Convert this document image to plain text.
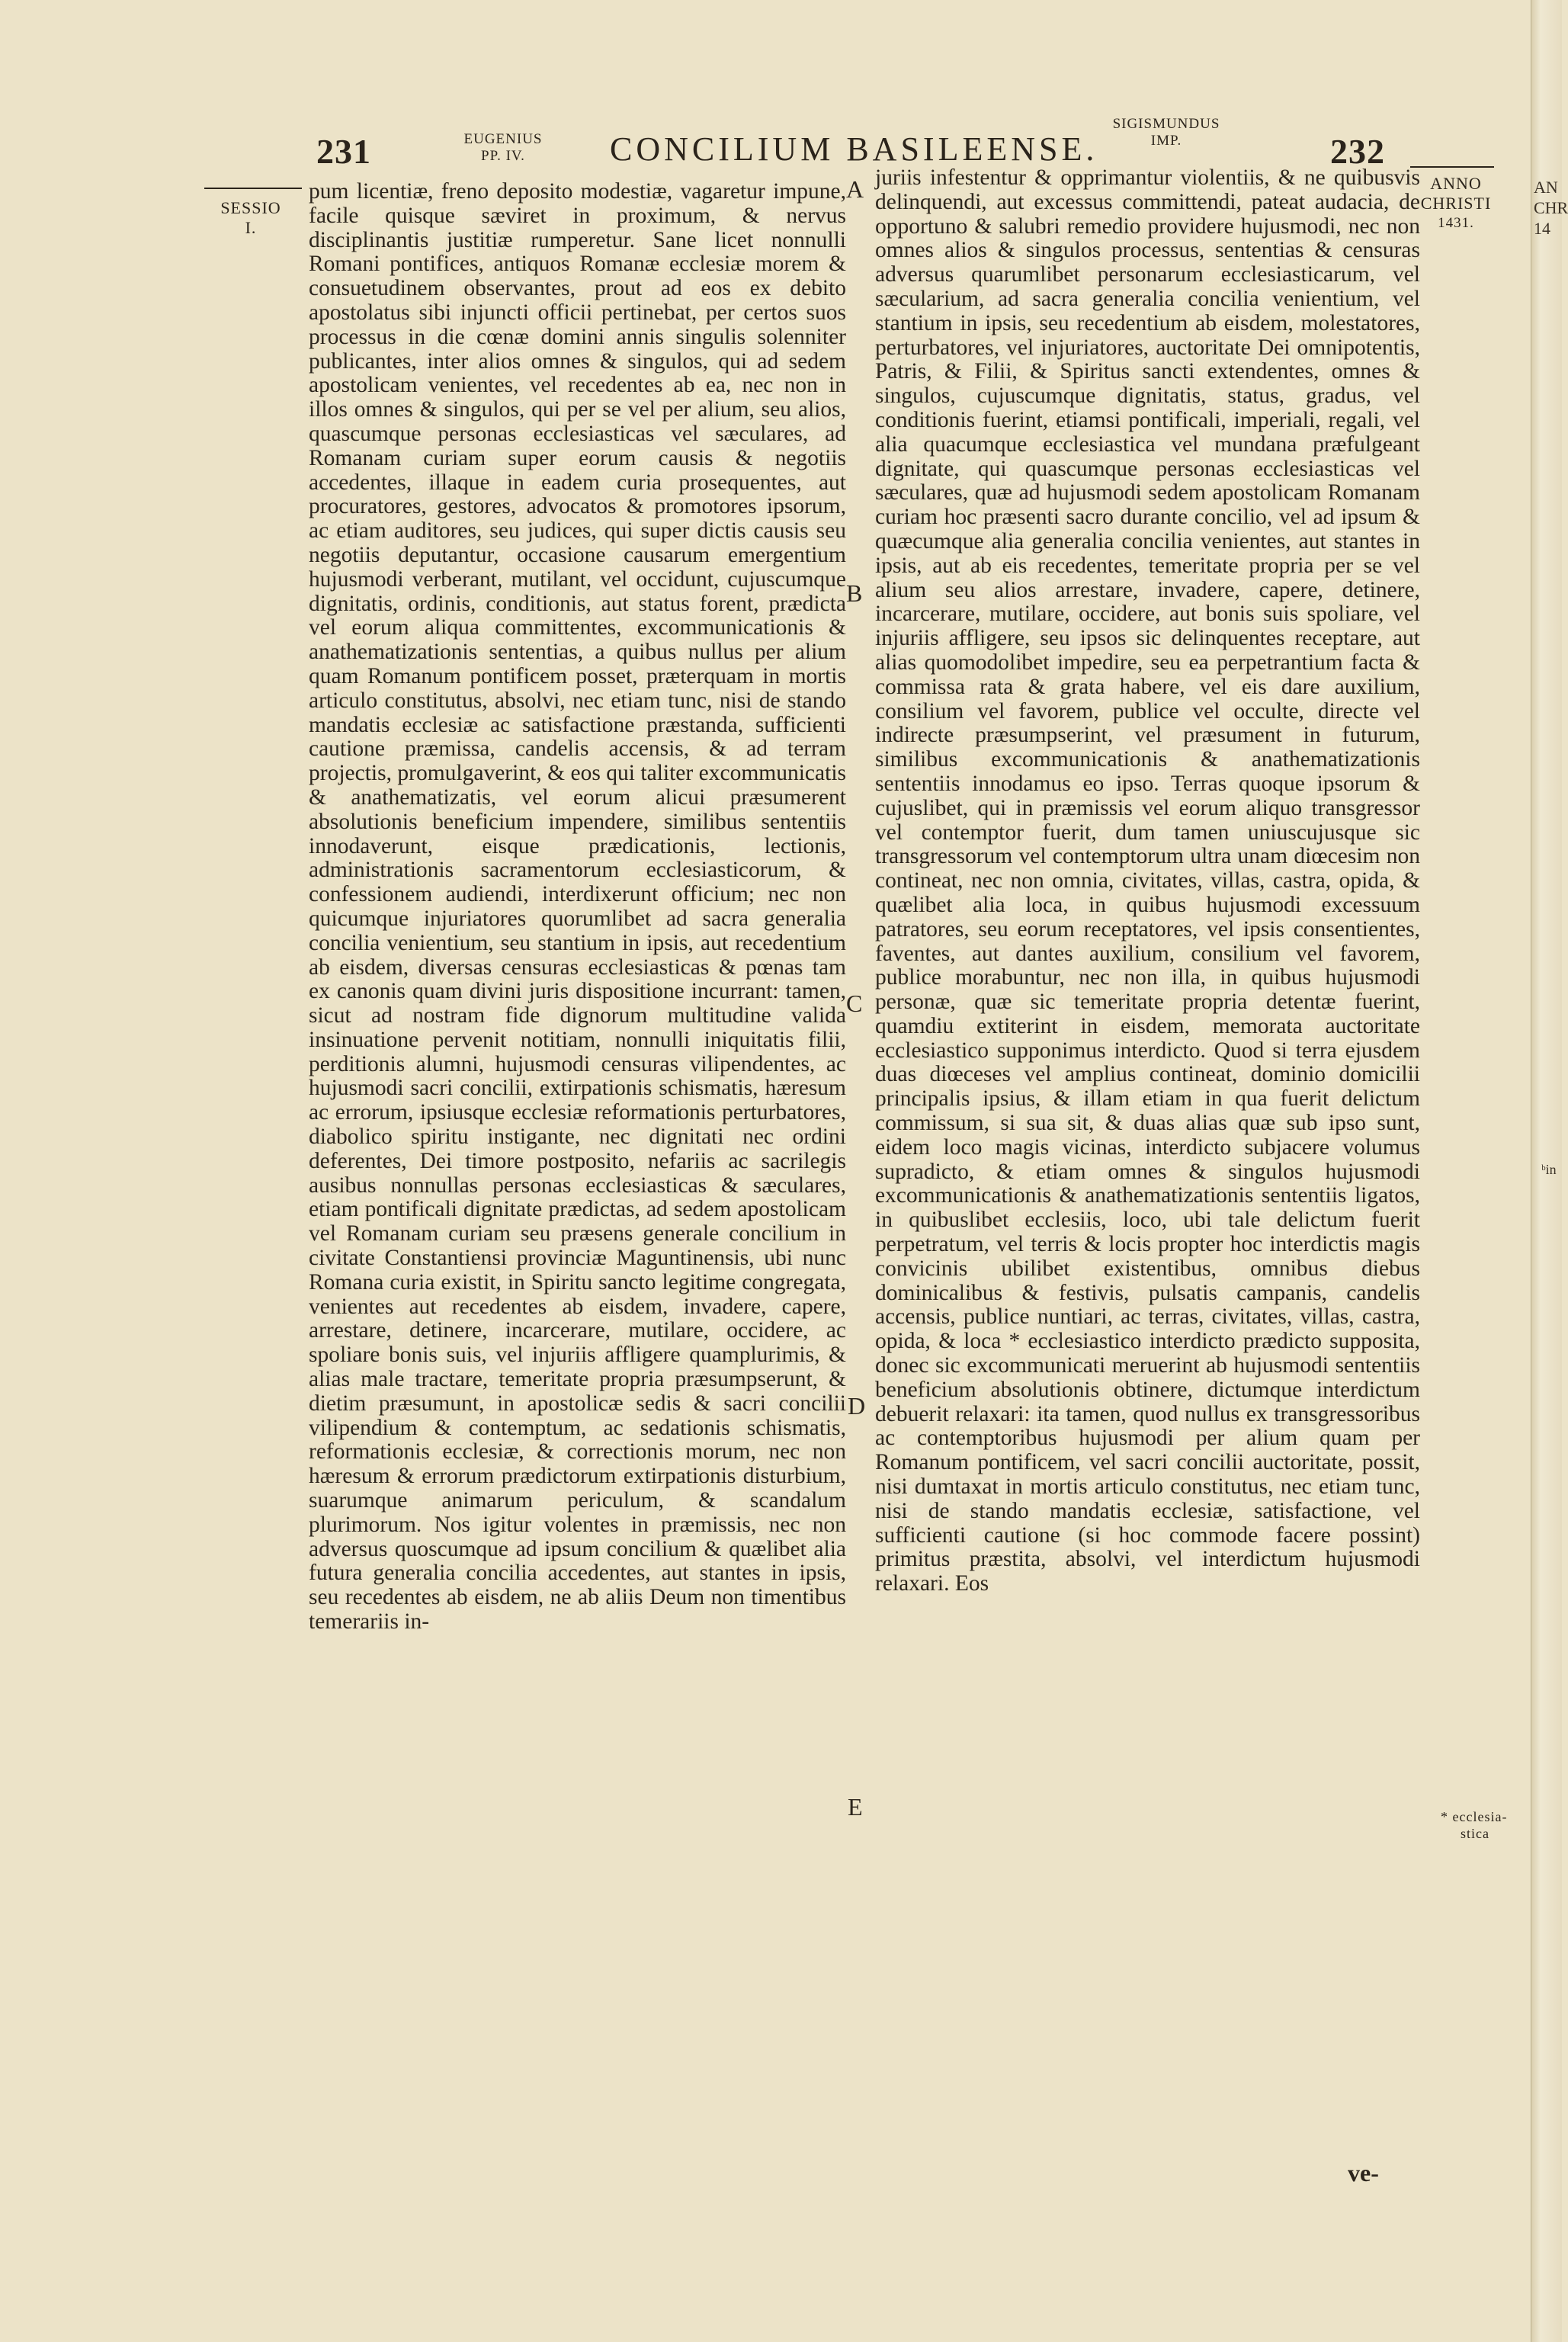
AN
CHR
14
ᵇin
231	EUGENIUS
PP. IV.	CONCILIUM BASILEENSE.
SIGISMUNDUS
IMP.	232
SESSIO
I.
ANNO
CHRISTI
1431.
* ecclesia-
stica
A
B
C
D
E

pum licentiæ, freno deposito modestiæ, vagaretur impune, facile quisque sæviret in proximum, & nervus disciplinantis justitiæ rumperetur. Sane licet nonnulli Romani pontifices, antiquos Romanæ ecclesiæ morem & consuetudinem observantes, prout ad eos ex debito apostolatus sibi injuncti officii pertinebat, per certos suos processus in die cœnæ domini annis singulis solenniter publicantes, inter alios omnes & singulos, qui ad sedem apostolicam venientes, vel recedentes ab ea, nec non in illos omnes & singulos, qui per se vel per alium, seu alios, quascumque personas ecclesiasticas vel sæculares, ad Romanam curiam super eorum causis & negotiis accedentes, illaque in eadem curia prosequentes, aut procuratores, gestores, advocatos & promotores ipsorum, ac etiam auditores, seu judices, qui super dictis causis seu negotiis deputantur, occasione causarum emergentium hujusmodi verberant, mutilant, vel occidunt, cujuscumque dignitatis, ordinis, conditionis, aut status forent, prædicta vel eorum aliqua committentes, excommunicationis & anathematizationis sententias, a quibus nullus per alium quam Romanum pontificem posset, præterquam in mortis articulo constitutus, absolvi, nec etiam tunc, nisi de stando mandatis ecclesiæ ac satisfactione præstanda, sufficienti cautione præmissa, candelis accensis, & ad terram projectis, promulgaverint, & eos qui taliter excommunicatis & anathematizatis, vel eorum alicui præsumerent absolutionis beneficium impendere, similibus sententiis innodaverunt, eisque prædicationis, lectionis, administrationis sacramentorum ecclesiasticorum, & confessionem audiendi, interdixerunt officium; nec non quicumque injuriatores quorumlibet ad sacra generalia concilia venientium, seu stantium in ipsis, aut recedentium ab eisdem, diversas censuras ecclesiasticas & pœnas tam ex canonis quam divini juris dispositione incurrant: tamen, sicut ad nostram fide dignorum multitudine valida insinuatione pervenit notitiam, nonnulli iniquitatis filii, perditionis alumni, hujusmodi censuras vilipendentes, ac hujusmodi sacri concilii, extirpationis schismatis, hæresum ac errorum, ipsiusque ecclesiæ reformationis perturbatores, diabolico spiritu instigante, nec dignitati nec ordini deferentes, Dei timore postposito, nefariis ac sacrilegis ausibus nonnullas personas ecclesiasticas & sæculares, etiam pontificali dignitate prædictas, ad sedem apostolicam vel Romanam curiam seu præsens generale concilium in civitate Constantiensi provinciæ Maguntinensis, ubi nunc Romana curia existit, in Spiritu sancto legitime congregata, venientes aut recedentes ab eisdem, invadere, capere, arrestare, detinere, incarcerare, mutilare, occidere, ac spoliare bonis suis, vel injuriis affligere quamplurimis, & alias male tractare, temeritate propria præsumpserunt, & dietim præsumunt, in apostolicæ sedis & sacri concilii vilipendium & contemptum, ac sedationis schismatis, reformationis ecclesiæ, & correctionis morum, nec non hæresum & errorum prædictorum extirpationis disturbium, suarumque animarum periculum, & scandalum plurimorum. Nos igitur volentes in præmissis, nec non adversus quoscumque ad ipsum concilium & quælibet alia futura generalia concilia accedentes, aut stantes in ipsis, seu recedentes ab eisdem, ne ab aliis Deum non timentibus temerariis in-

juriis infestentur & opprimantur violentiis, & ne quibusvis delinquendi, aut excessus committendi, pateat audacia, de opportuno & salubri remedio providere hujusmodi, nec non omnes alios & singulos processus, sententias & censuras adversus quarumlibet personarum ecclesiasticarum, vel sæcularium, ad sacra generalia concilia venientium, vel stantium in ipsis, seu recedentium ab eisdem, molestatores, perturbatores, vel injuriatores, auctoritate Dei omnipotentis, Patris, & Filii, & Spiritus sancti extendentes, omnes & singulos, cujuscumque dignitatis, status, gradus, vel conditionis fuerint, etiamsi pontificali, imperiali, regali, vel alia quacumque ecclesiastica vel mundana præfulgeant dignitate, qui quascumque personas ecclesiasticas vel sæculares, quæ ad hujusmodi sedem apostolicam Romanam curiam hoc præsenti sacro durante concilio, vel ad ipsum & quæcumque alia generalia concilia venientes, aut stantes in ipsis, aut ab eis recedentes, temeritate propria per se vel alium seu alios arrestare, invadere, capere, detinere, incarcerare, mutilare, occidere, aut bonis suis spoliare, vel injuriis affligere, seu ipsos sic delinquentes receptare, aut alias quomodolibet impedire, seu ea perpetrantium facta & commissa rata & grata habere, vel eis dare auxilium, consilium vel favorem, publice vel occulte, directe vel indirecte præsumpserint, vel præsument in futurum, similibus excommunicationis & anathematizationis sententiis innodamus eo ipso. Terras quoque ipsorum & cujuslibet, qui in præmissis vel eorum aliquo transgressor vel contemptor fuerit, dum tamen uniuscujusque sic transgressorum vel contemptorum ultra unam diœcesim non contineat, nec non omnia, civitates, villas, castra, opida, & quælibet alia loca, in quibus hujusmodi excessuum patratores, seu eorum receptatores, vel ipsis consentientes, faventes, aut dantes auxilium, consilium vel favorem, publice morabuntur, nec non illa, in quibus hujusmodi personæ, quæ sic temeritate propria detentæ fuerint, quamdiu extiterint in eisdem, memorata auctoritate ecclesiastico supponimus interdicto. Quod si terra ejusdem duas diœceses vel amplius contineat, dominio domicilii principalis ipsius, & illam etiam in qua fuerit delictum commissum, si sua sit, & duas alias quæ sub ipso sunt, eidem loco magis vicinas, interdicto subjacere volumus supradicto, & etiam omnes & singulos hujusmodi excommunicationis & anathematizationis sententiis ligatos, in quibuslibet ecclesiis, loco, ubi tale delictum fuerit perpetratum, vel terris & locis propter hoc interdictis magis convicinis ubilibet existentibus, omnibus diebus dominicalibus & festivis, pulsatis campanis, candelis accensis, publice nuntiari, ac terras, civitates, villas, castra, opida, & loca * ecclesiastico interdicto prædicto supposita, donec sic excommunicati meruerint ab hujusmodi sententiis beneficium absolutionis obtinere, dictumque interdictum debuerit relaxari: ita tamen, quod nullus ex transgressoribus ac contemptoribus hujusmodi per alium quam per Romanum pontificem, vel sacri concilii auctoritate, possit, nisi dumtaxat in mortis articulo constitutus, nec etiam tunc, nisi de stando mandatis ecclesiæ, satisfactione, vel sufficienti cautione (si hoc commode facere possint) primitus præstita, absolvi, vel interdictum hujusmodi relaxari. Eos

ve-
